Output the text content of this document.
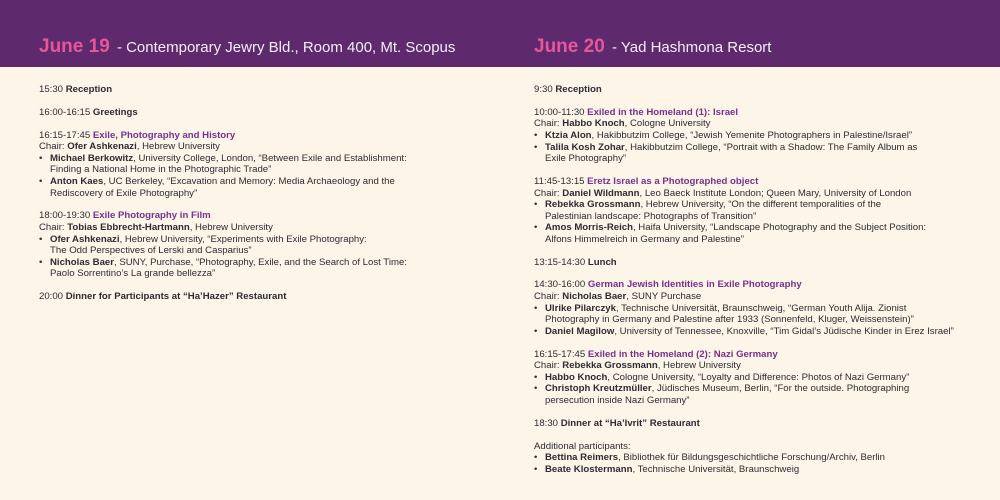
June 19 - Contemporary Jewry Bld., Room 400, Mt. Scopus	June 20 - Yad Hashmona Resort
15:30 Reception
16:00-16:15 Greetings
16:15-17:45 Exile, Photography and History
Chair: Ofer Ashkenazi, Hebrew University
• Michael Berkowitz, University College, London, “Between Exile and Establishment:
Finding a National Home in the Photographic Trade”
• Anton Kaes, UC Berkeley, “Excavation and Memory: Media Archaeology and the
Rediscovery of Exile Photography”
18:00-19:30 Exile Photography in Film
Chair: Tobias Ebbrecht-Hartmann, Hebrew University
• Ofer Ashkenazi, Hebrew University, “Experiments with Exile Photography:
The Odd Perspectives of Lerski and Casparius”
• Nicholas Baer, SUNY, Purchase, “Photography, Exile, and the Search of Lost Time:
Paolo Sorrentino’s La grande bellezza”
20:00 Dinner for Participants at “Ha’Hazer” Restaurant
9:30 Reception
10:00-11:30 Exiled in the Homeland (1): Israel
Chair: Habbo Knoch, Cologne University
• Ktzia Alon, Hakibbutzim College, “Jewish Yemenite Photographers in Palestine/Israel”
• Talila Kosh Zohar, Hakibbutzim College, “Portrait with a Shadow: The Family Album as
Exile Photography”
11:45-13:15 Eretz Israel as a Photographed object
Chair: Daniel Wildmann, Leo Baeck Institute London; Queen Mary, University of London
• Rebekka Grossmann, Hebrew University, “On the different temporalities of the
Palestinian landscape: Photographs of Transition”
• Amos Morris-Reich, Haifa University, “Landscape Photography and the Subject Position:
Alfons Himmelreich in Germany and Palestine”
13:15-14:30 Lunch
14:30-16:00 German Jewish Identities in Exile Photography
Chair: Nicholas Baer, SUNY Purchase
• Ulrike Pilarczyk, Technische Universität, Braunschweig, “German Youth Alija. Zionist
Photography in Germany and Palestine after 1933 (Sonnenfeld, Kluger, Weissenstein)”
• Daniel Magilow, University of Tennessee, Knoxville, “Tim Gidal’s Jüdische Kinder in Erez Israel”
16:15-17:45 Exiled in the Homeland (2): Nazi Germany
Chair: Rebekka Grossmann, Hebrew University
• Habbo Knoch, Cologne University, “Loyalty and Difference: Photos of Nazi Germany”
• Christoph Kreutzmüller, Jüdisches Museum, Berlin, “For the outside. Photographing
persecution inside Nazi Germany”
18:30 Dinner at “Ha’Ivrit” Restaurant
Additional participants:
• Bettina Reimers, Bibliothek für Bildungsgeschichtliche Forschung/Archiv, Berlin
• Beate Klostermann, Technische Universität, Braunschweig
